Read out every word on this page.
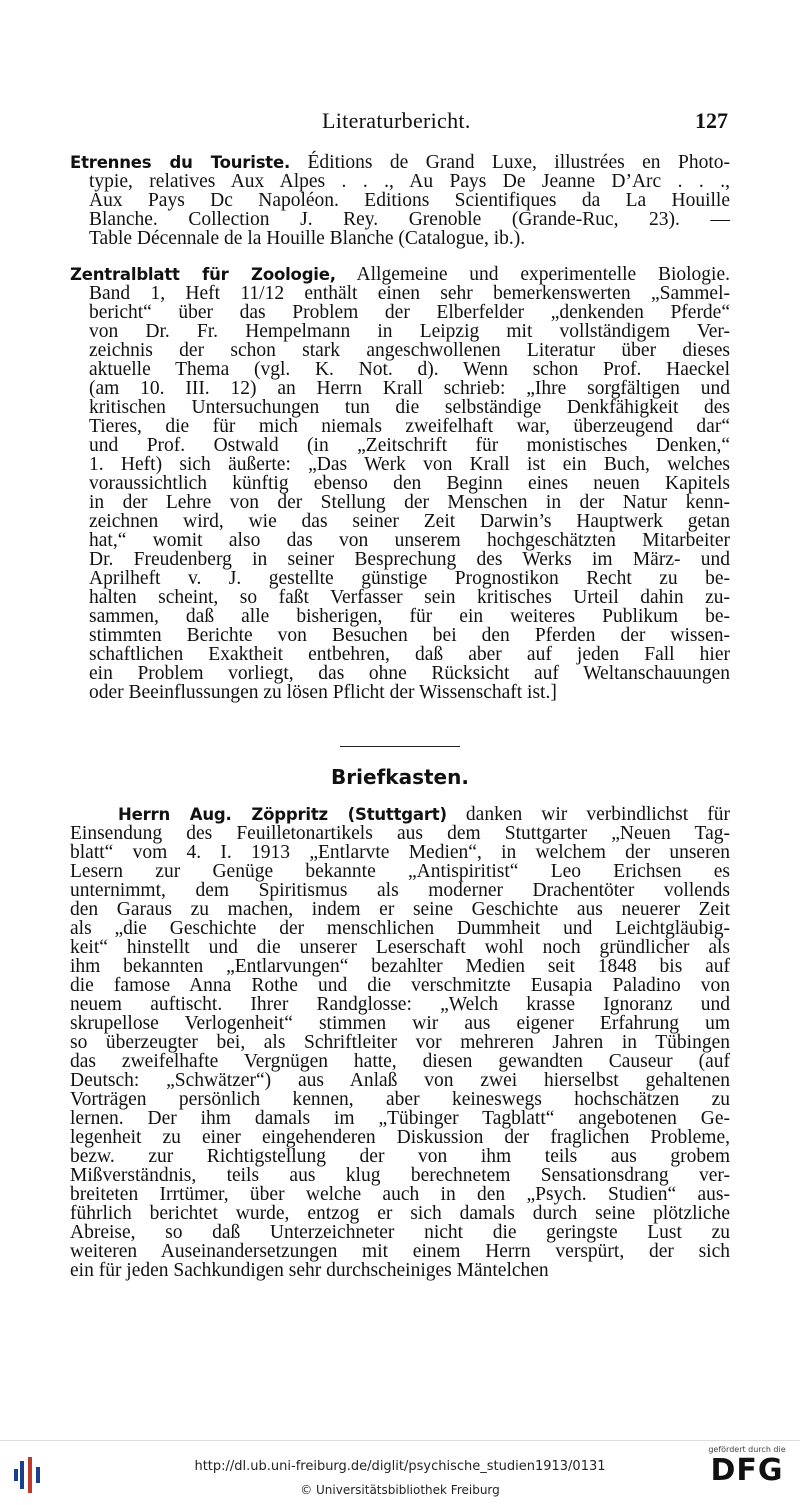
Literaturbericht.	127

Etrennes du Touriste. Éditions de Grand Luxe, illustrées en Photo-
typie, relatives Aux Alpes . . ., Au Pays De Jeanne D’Arc . . .,
Aux Pays Dc Napoléon. Editions Scientifiques da La Houille
Blanche. Collection J. Rey. Grenoble (Grande-Ruc, 23). —
Table Décennale de la Houille Blanche (Catalogue, ib.).

Zentralblatt für Zoologie, Allgemeine und experimentelle Biologie.
Band 1, Heft 11/12 enthält einen sehr bemerkenswerten „Sammel-
bericht“ über das Problem der Elberfelder „denkenden Pferde“
von Dr. Fr. Hempelmann in Leipzig mit vollständigem Ver-
zeichnis der schon stark angeschwollenen Literatur über dieses
aktuelle Thema (vgl. K. Not. d). Wenn schon Prof. Haeckel
(am 10. III. 12) an Herrn Krall schrieb: „Ihre sorgfältigen und
kritischen Untersuchungen tun die selbständige Denkfähigkeit des
Tieres, die für mich niemals zweifelhaft war, überzeugend dar“
und Prof. Ostwald (in „Zeitschrift für monistisches Denken,“
1. Heft) sich äußerte: „Das Werk von Krall ist ein Buch, welches
voraussichtlich künftig ebenso den Beginn eines neuen Kapitels
in der Lehre von der Stellung der Menschen in der Natur kenn-
zeichnen wird, wie das seiner Zeit Darwin’s Hauptwerk getan
hat,“ womit also das von unserem hochgeschätzten Mitarbeiter
Dr. Freudenberg in seiner Besprechung des Werks im März- und
Aprilheft v. J. gestellte günstige Prognostikon Recht zu be-
halten scheint, so faßt Verfasser sein kritisches Urteil dahin zu-
sammen, daß alle bisherigen, für ein weiteres Publikum be-
stimmten Berichte von Besuchen bei den Pferden der wissen-
schaftlichen Exaktheit entbehren, daß aber auf jeden Fall hier
ein Problem vorliegt, das ohne Rücksicht auf Weltanschauungen
oder Beeinflussungen zu lösen Pflicht der Wissenschaft ist.]

Briefkasten.

Herrn Aug. Zöppritz (Stuttgart) danken wir verbindlichst für
Einsendung des Feuilletonartikels aus dem Stuttgarter „Neuen Tag-
blatt“ vom 4. I. 1913 „Entlarvte Medien“, in welchem der unseren
Lesern zur Genüge bekannte „Antispiritist“ Leo Erichsen es
unternimmt, dem Spiritismus als moderner Drachentöter vollends
den Garaus zu machen, indem er seine Geschichte aus neuerer Zeit
als „die Geschichte der menschlichen Dummheit und Leichtgläubig-
keit“ hinstellt und die unserer Leserschaft wohl noch gründlicher als
ihm bekannten „Entlarvungen“ bezahlter Medien seit 1848 bis auf
die famose Anna Rothe und die verschmitzte Eusapia Paladino von
neuem auftischt. Ihrer Randglosse: „Welch krasse Ignoranz und
skrupellose Verlogenheit“ stimmen wir aus eigener Erfahrung um
so überzeugter bei, als Schriftleiter vor mehreren Jahren in Tübingen
das zweifelhafte Vergnügen hatte, diesen gewandten Causeur (auf
Deutsch: „Schwätzer“) aus Anlaß von zwei hierselbst gehaltenen
Vorträgen persönlich kennen, aber keineswegs hochschätzen zu
lernen. Der ihm damals im „Tübinger Tagblatt“ angebotenen Ge-
legenheit zu einer eingehenderen Diskussion der fraglichen Probleme,
bezw. zur Richtigstellung der von ihm teils aus grobem
Mißverständnis, teils aus klug berechnetem Sensationsdrang ver-
breiteten Irrtümer, über welche auch in den „Psych. Studien“ aus-
führlich berichtet wurde, entzog er sich damals durch seine plötzliche
Abreise, so daß Unterzeichneter nicht die geringste Lust zu
weiteren Auseinandersetzungen mit einem Herrn verspürt, der sich
ein für jeden Sachkundigen sehr durchscheiniges Mäntelchen

http://dl.ub.uni-freiburg.de/diglit/psychische_studien1913/0131
© Universitätsbibliothek Freiburg
gefördert durch die
DFG
